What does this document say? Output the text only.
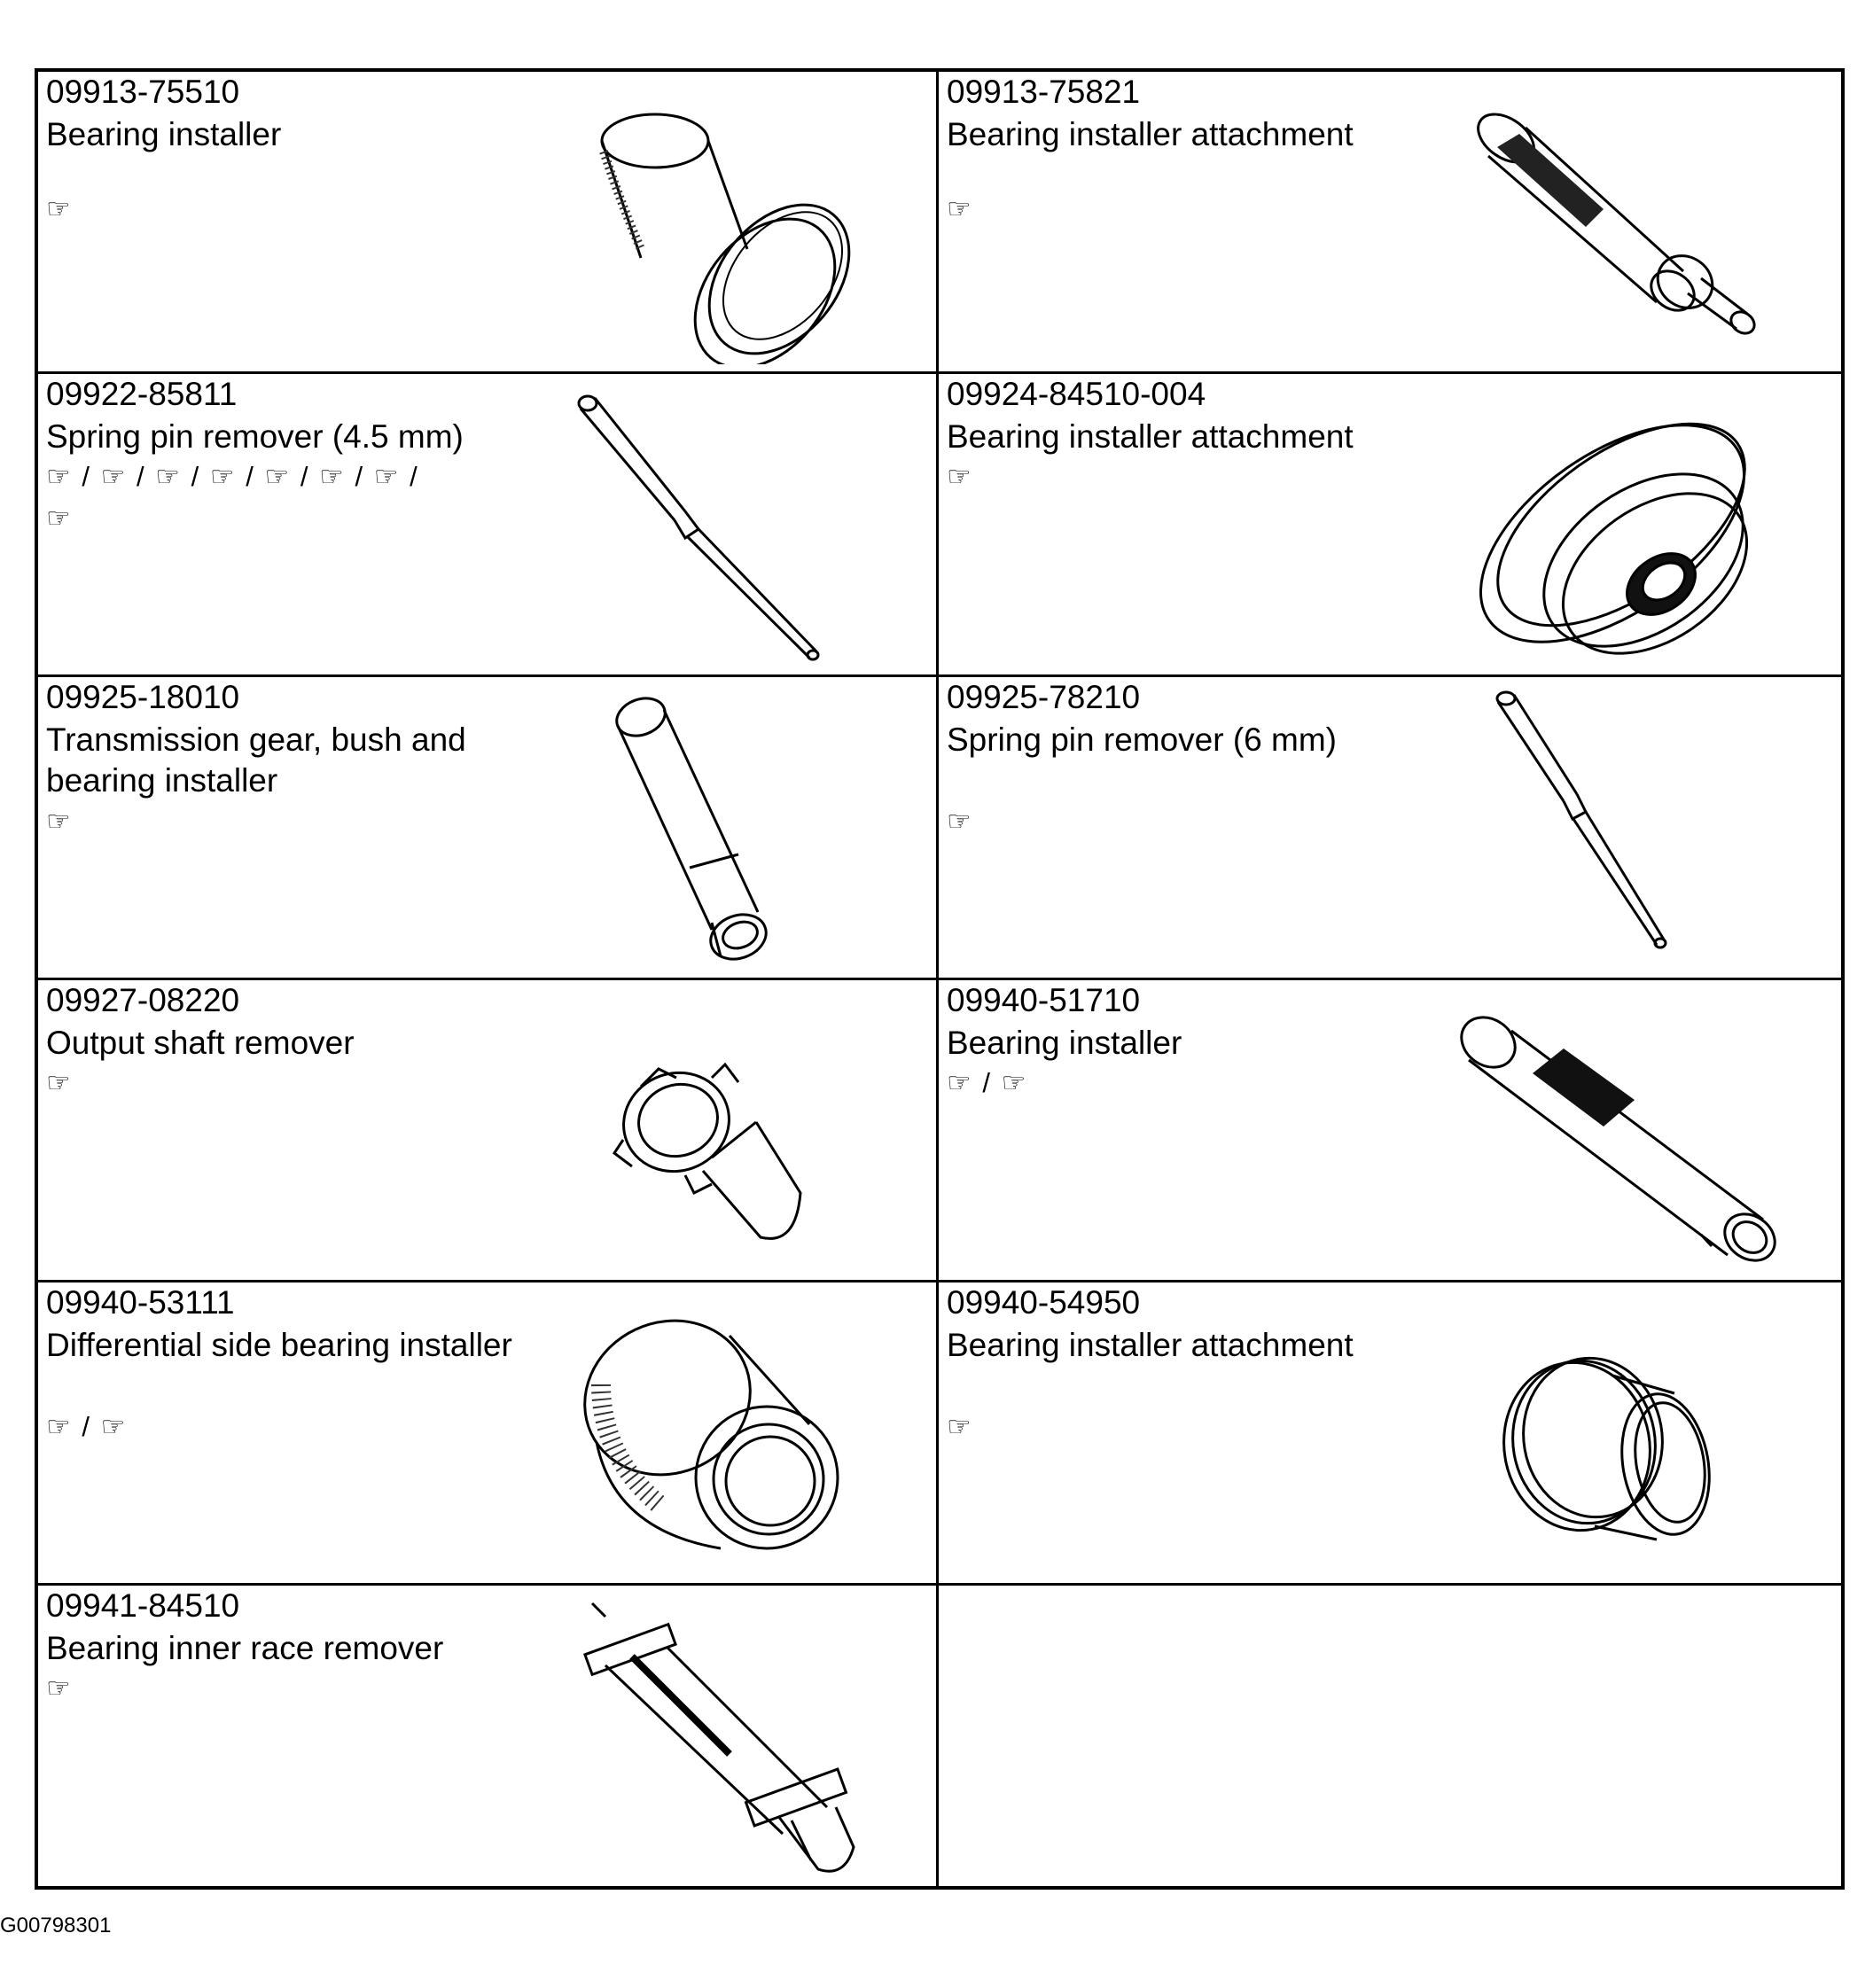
09913-75510
Bearing installer
☞
09913-75821
Bearing installer attachment
☞
09922-85811
Spring pin remover (4.5 mm)
☞ / ☞ / ☞ / ☞ / ☞ / ☞ / ☞ /
☞
09924-84510-004
Bearing installer attachment
☞
09925-18010
Transmission gear, bush and bearing installer
☞
09925-78210
Spring pin remover (6 mm)
☞
09927-08220
Output shaft remover
☞
09940-51710
Bearing installer
☞ / ☞
09940-53111
Differential side bearing installer
☞ / ☞
09940-54950
Bearing installer attachment
☞
09941-84510
Bearing inner race remover
☞
G00798301
